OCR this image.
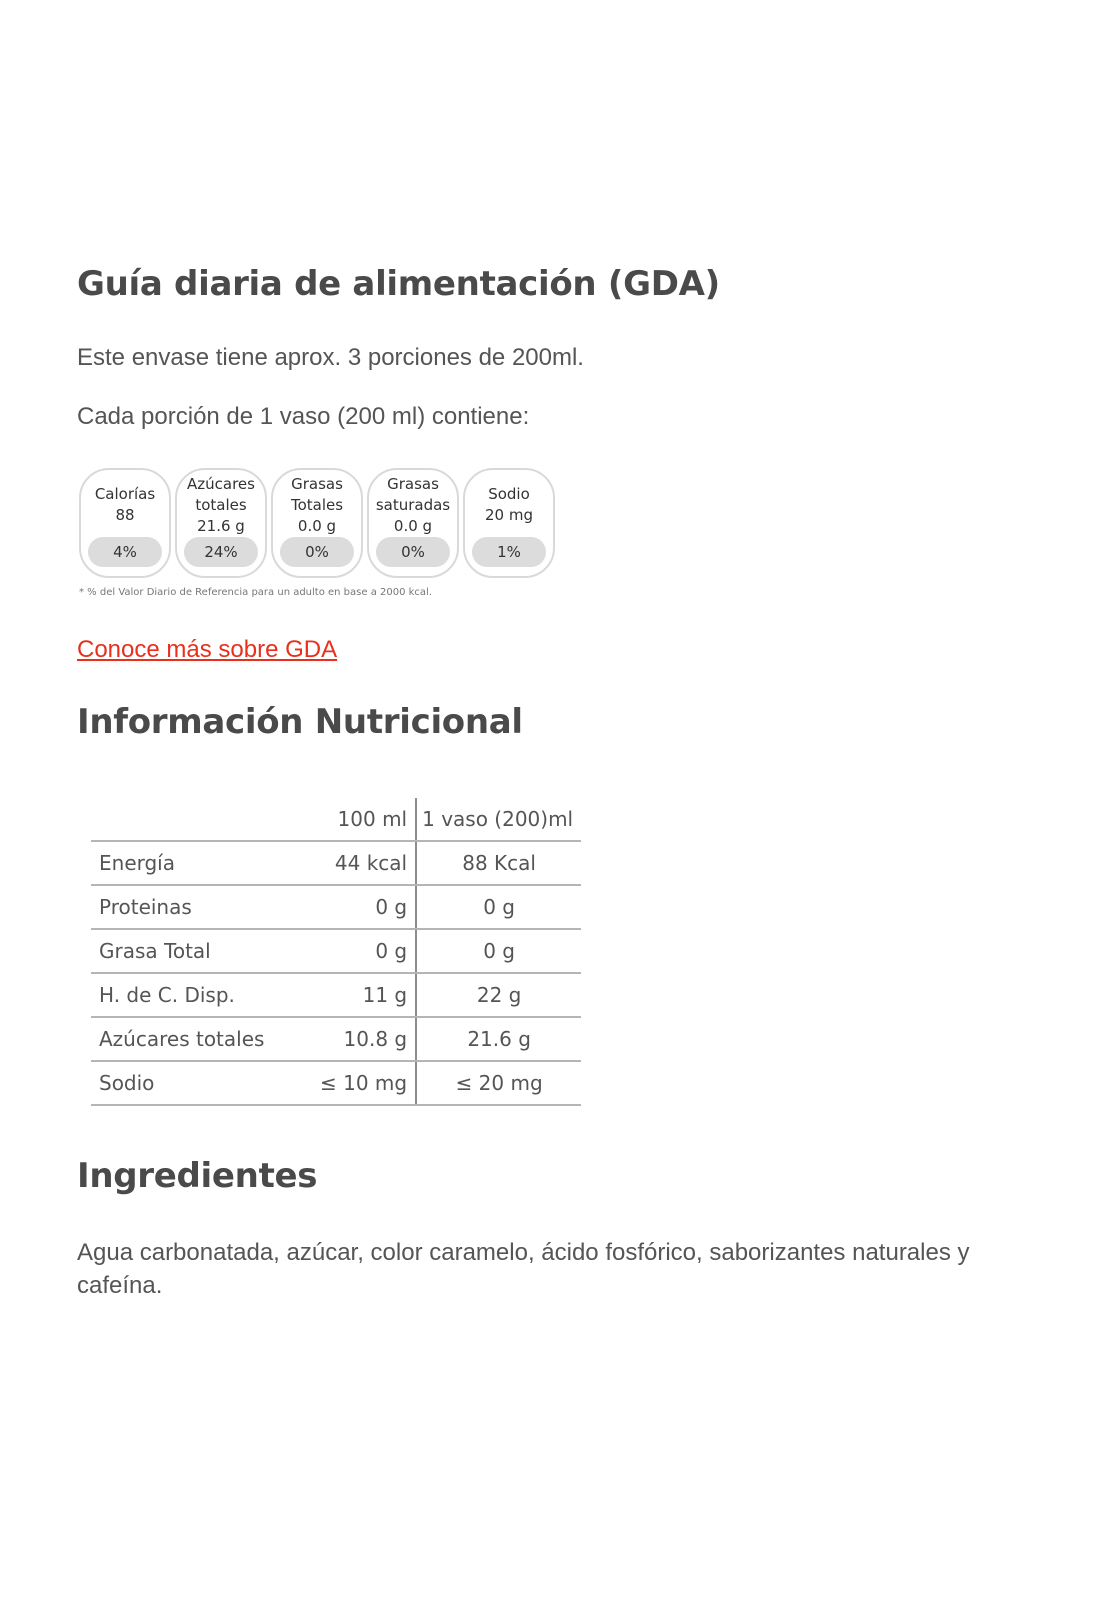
Guía diaria de alimentación (GDA)

Este envase tiene aprox. 3 porciones de 200ml.

Cada porción de 1 vaso (200 ml) contiene:

Calorías
88
4%
Azúcares
totales
21.6 g
24%
Grasas
Totales
0.0 g
0%
Grasas
saturadas
0.0 g
0%
Sodio
20 mg
1%

* % del Valor Diario de Referencia para un adulto en base a 2000 kcal.

Conoce más sobre GDA
Información Nutricional
	100 ml	1 vaso (200)ml
Energía	44 kcal	88 Kcal
Proteinas	0 g	0 g
Grasa Total	0 g	0 g
H. de C. Disp.	11 g	22 g
Azúcares totales	10.8 g	21.6 g
Sodio	≤ 10 mg	≤ 20 mg
Ingredientes

Agua carbonatada, azúcar, color caramelo, ácido fosfórico, saborizantes naturales y cafeína.
